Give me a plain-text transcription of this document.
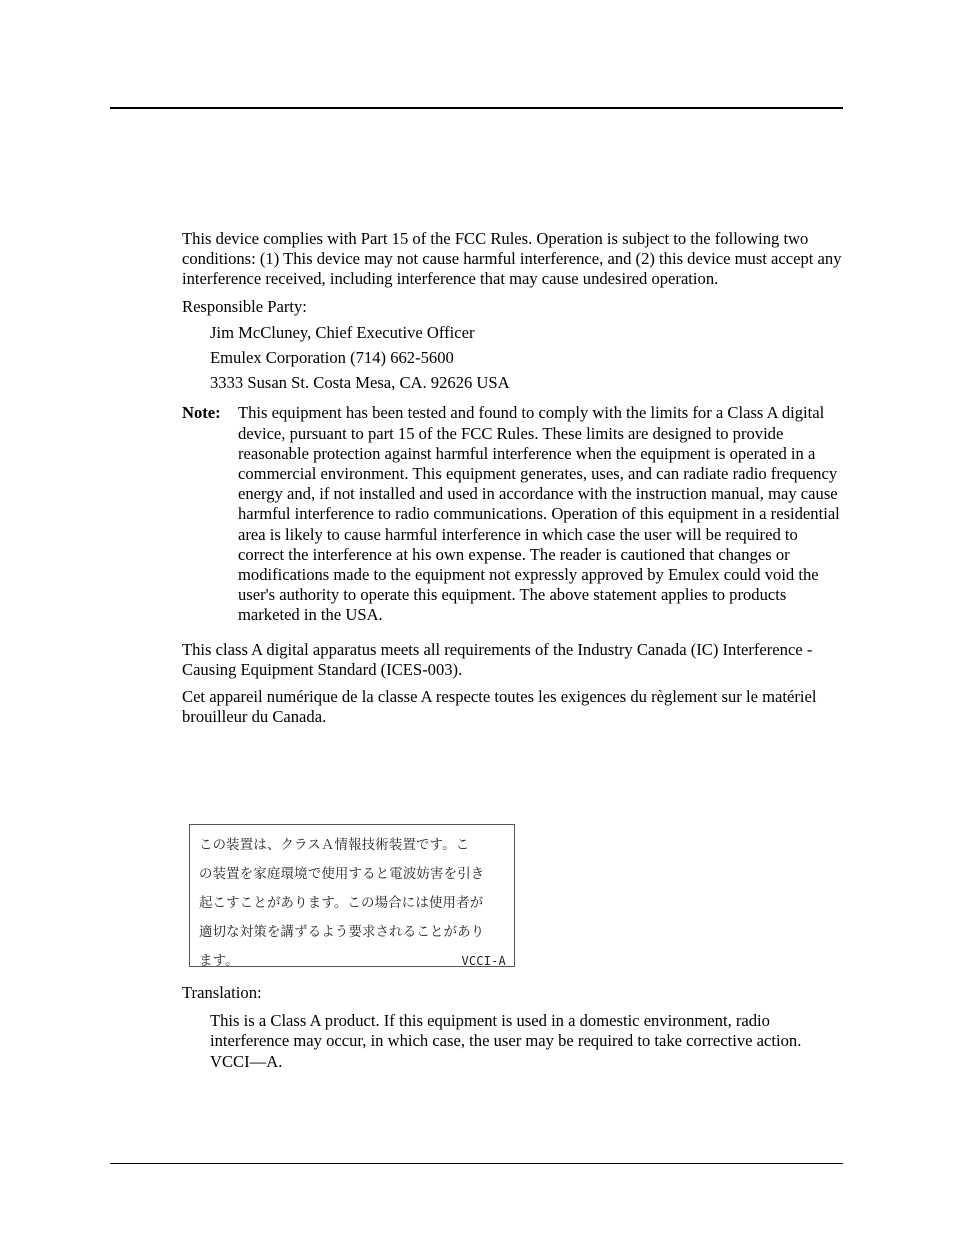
This device complies with Part 15 of the FCC Rules. Operation is subject to the following two conditions: (1) This device may not cause harmful interference, and (2) this device must accept any interference received, including interference that may cause undesired operation.

Responsible Party:

Jim McCluney, Chief Executive Officer

Emulex Corporation (714) 662-5600

3333 Susan St. Costa Mesa, CA. 92626 USA

Note:	This equipment has been tested and found to comply with the limits for a Class A digital device, pursuant to part 15 of the FCC Rules. These limits are designed to provide reasonable protection against harmful interference when the equipment is operated in a commercial environment. This equipment generates, uses, and can radiate radio frequency energy and, if not installed and used in accordance with the instruction manual, may cause harmful interference to radio communications. Operation of this equipment in a residential area is likely to cause harmful interference in which case the user will be required to correct the interference at his own expense. The reader is cautioned that changes or modifications made to the equipment not expressly approved by Emulex could void the user's authority to operate this equipment. The above statement applies to products marketed in the USA.

This class A digital apparatus meets all requirements of the Industry Canada (IC) Interference - Causing Equipment Standard (ICES-003).

Cet appareil numérique de la classe A respecte toutes les exigences du règlement sur le matériel brouilleur du Canada.

この装置は、クラスＡ情報技術装置です。こ
の装置を家庭環境で使用すると電波妨害を引き
起こすことがあります。この場合には使用者が
適切な対策を講ずるよう要求されることがあり
ます。	VCCI-A

Translation:

This is a Class A product. If this equipment is used in a domestic environment, radio interference may occur, in which case, the user may be required to take corrective action. VCCI—A.
